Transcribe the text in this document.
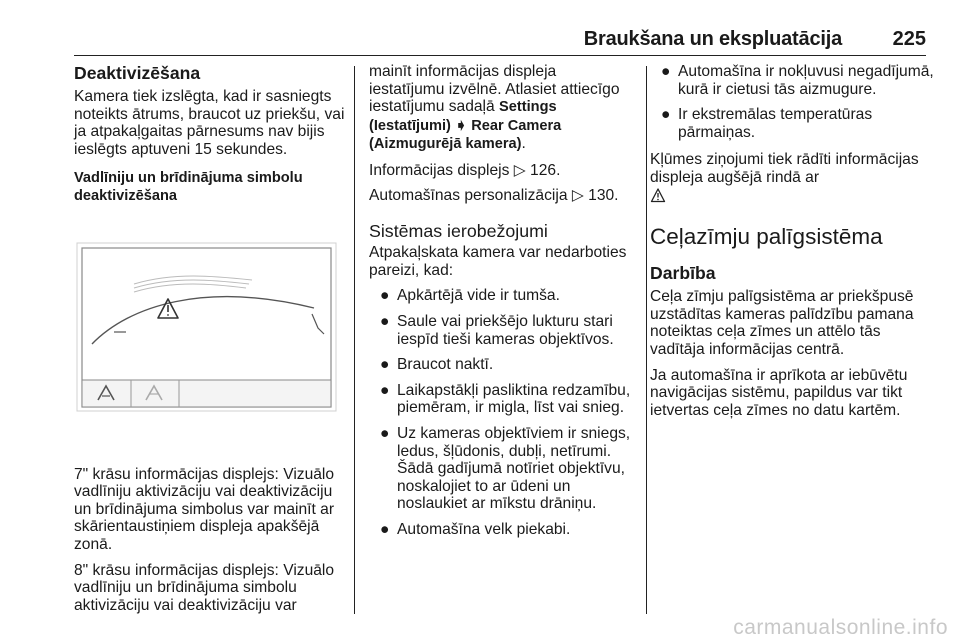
Braukšana un ekspluatācija	225

Deaktivizēšana

Kamera tiek izslēgta, kad ir sasniegts noteikts ātrums, braucot uz priekšu, vai ja atpakaļgaitas pārnesums nav bijis ieslēgts aptuveni 15 sekundes.

Vadlīniju un brīdinājuma simbolu deaktivizēšana

7" krāsu informācijas displejs: Vizuālo vadlīniju aktivizāciju vai deaktivizāciju un brīdinājuma simbolus var mainīt ar skārientaustiņiem displeja apakšējā zonā.

8" krāsu informācijas displejs: Vizuālo vadlīniju un brīdinājuma simbolu aktivizāciju vai deaktivizāciju var

mainīt informācijas displeja iestatījumu izvēlnē. Atlasiet attiecīgo iestatījumu sadaļā Settings (Iestatījumi) ➧ Rear Camera (Aizmugurējā kamera).

Informācijas displejs ▷ 126.

Automašīnas personalizācija ▷ 130.

Sistēmas ierobežojumi

Atpakaļskata kamera var nedarboties pareizi, kad:

● Apkārtējā vide ir tumša.
● Saule vai priekšējo lukturu stari iespīd tieši kameras objektīvos.
● Braucot naktī.
● Laikapstākļi pasliktina redzamību, piemēram, ir migla, līst vai snieg.
● Uz kameras objektīviem ir sniegs, ledus, šļūdonis, dubļi, netīrumi. Šādā gadījumā notīriet objektīvu, noskalojiet to ar ūdeni un noslaukiet ar mīkstu drāniņu.
● Automašīna velk piekabi.
● Automašīna ir nokļuvusi negadījumā, kurā ir cietusi tās aizmugure.
● Ir ekstremālas temperatūras pārmaiņas.

Kļūmes ziņojumi tiek rādīti informācijas displeja augšējā rindā ar

Ceļazīmju palīgsistēma

Darbība

Ceļa zīmju palīgsistēma ar priekšpusē uzstādītas kameras palīdzību pamana noteiktas ceļa zīmes un attēlo tās vadītāja informācijas centrā.

Ja automašīna ir aprīkota ar iebūvētu navigācijas sistēmu, papildus var tikt ietvertas ceļa zīmes no datu kartēm.

carmanualsonline.info
